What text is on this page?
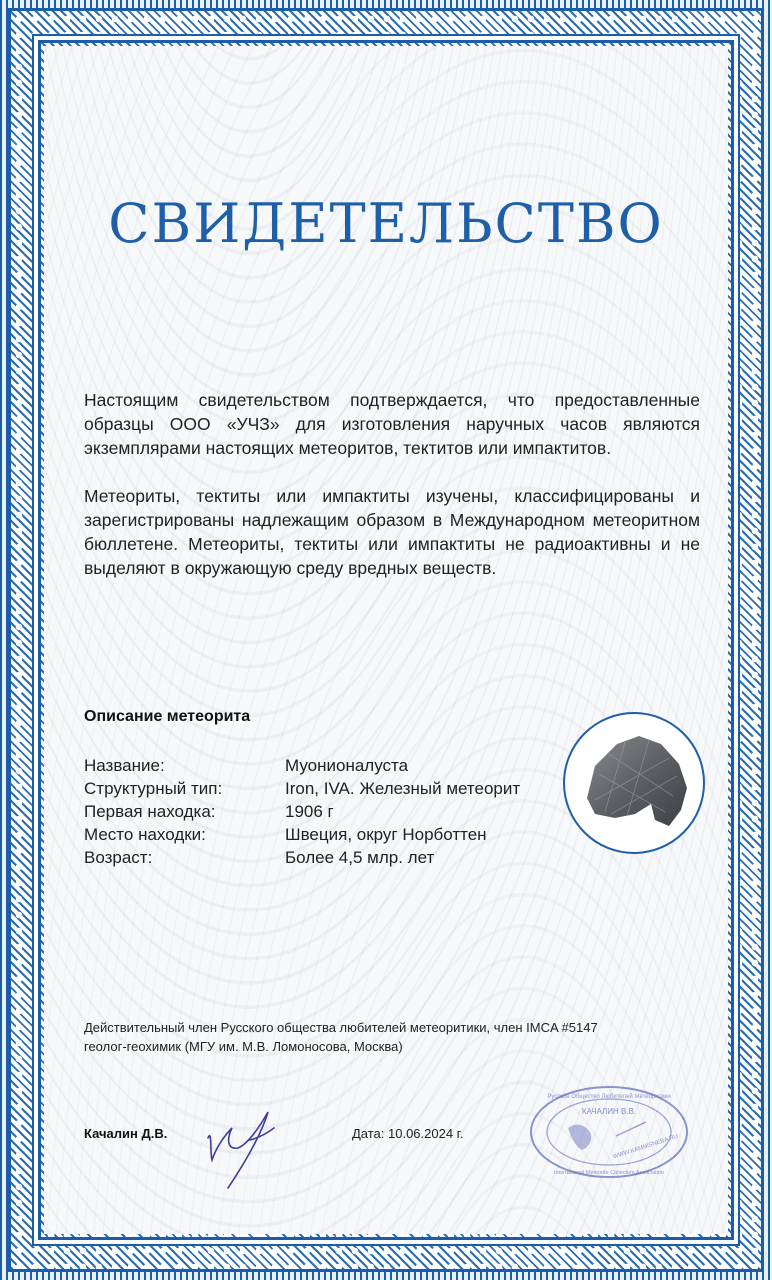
СВИДЕТЕЛЬСТВО
Настоящим свидетельством подтверждается, что предоставленные образцы ООО «УЧЗ» для изготовления наручных часов являются экземплярами настоящих метеоритов, тектитов или импактитов.
Метеориты, тектиты или импактиты изучены, классифицированы и зарегистрированы надлежащим образом в Международном метеоритном бюллетене. Метеориты, тектиты или импактиты не радиоактивны и не выделяют в окружающую среду вредных веществ.
Описание метеорита
Название:	Муонионалуста
Структурный тип:	Iron, IVA. Железный метеорит
Первая находка:	1906 г
Место находки:	Швеция, округ Норботтен
Возраст:	Более 4,5 млр. лет
Действительный член Русского общества любителей метеоритики, член IMCA #5147
геолог-геохимик (МГУ им. М.В. Ломоносова, Москва)
Качалин Д.В.	Дата: 10.06.2024 г.
Русское Общество Любителей Метеоритики
International Meteorite Collectors Association
КАЧАЛИН В.В.
WWW.KAMNISNEBA.RU
